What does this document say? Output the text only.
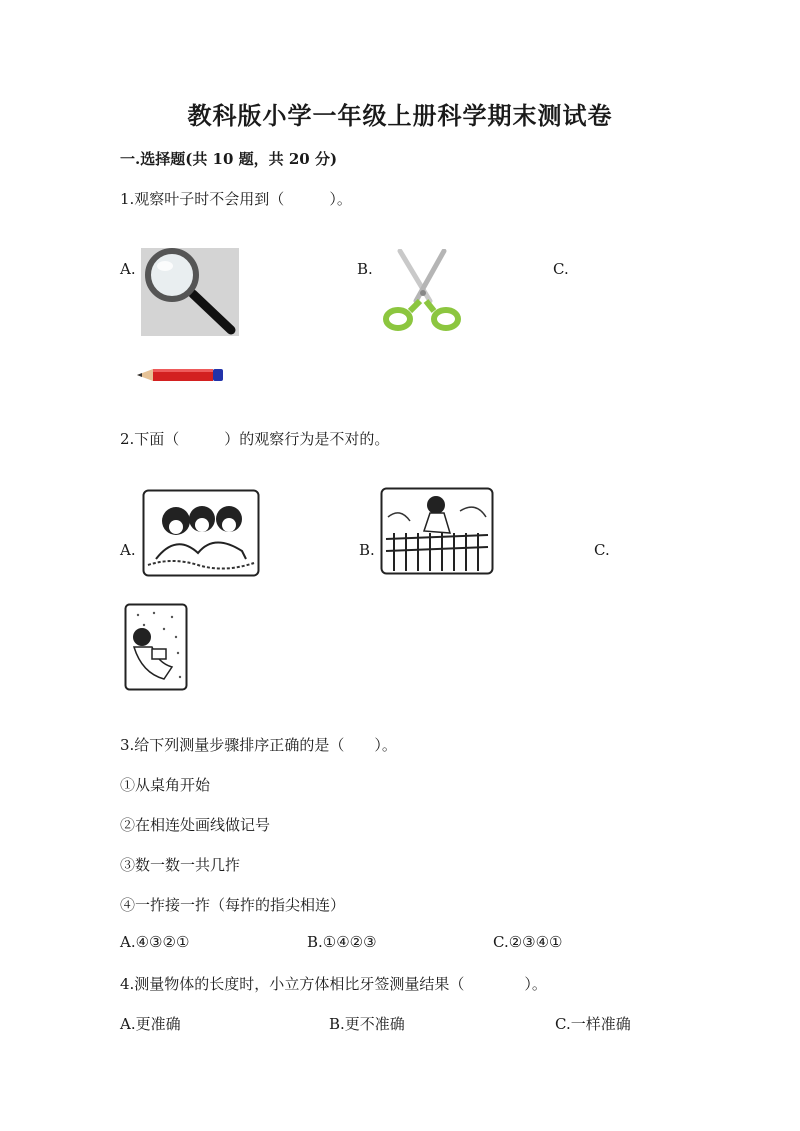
教科版小学一年级上册科学期末测试卷
一.选择题(共 10 题，共 20 分)
1.观察叶子时不会用到（　　　）。
A.	B.	C.
2.下面（　　　）的观察行为是不对的。
A.	B.	C.
3.给下列测量步骤排序正确的是（　　）。
①从桌角开始
②在相连处画线做记号
③数一数一共几拃
④一拃接一拃（每拃的指尖相连）
A.④③②①	B.①④②③	C.②③④①
4.测量物体的长度时，小立方体相比牙签测量结果（　　　　）。
A.更准确	B.更不准确	C.一样准确
